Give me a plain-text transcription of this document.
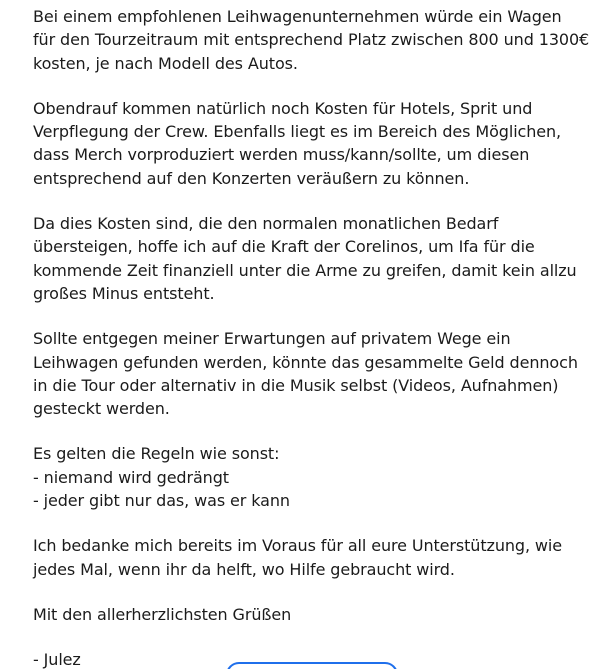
Bei einem empfohlenen Leihwagenunternehmen würde ein Wagen
für den Tourzeitraum mit entsprechend Platz zwischen 800 und 1300€
kosten, je nach Modell des Autos.

Obendrauf kommen natürlich noch Kosten für Hotels, Sprit und
Verpflegung der Crew. Ebenfalls liegt es im Bereich des Möglichen,
dass Merch vorproduziert werden muss/kann/sollte, um diesen
entsprechend auf den Konzerten veräußern zu können.

Da dies Kosten sind, die den normalen monatlichen Bedarf
übersteigen, hoffe ich auf die Kraft der Corelinos, um Ifa für die
kommende Zeit finanziell unter die Arme zu greifen, damit kein allzu
großes Minus entsteht.

Sollte entgegen meiner Erwartungen auf privatem Wege ein
Leihwagen gefunden werden, könnte das gesammelte Geld dennoch
in die Tour oder alternativ in die Musik selbst (Videos, Aufnahmen)
gesteckt werden.

Es gelten die Regeln wie sonst:
- niemand wird gedrängt
- jeder gibt nur das, was er kann

Ich bedanke mich bereits im Voraus für all eure Unterstützung, wie
jedes Mal, wenn ihr da helft, wo Hilfe gebraucht wird.

Mit den allerherzlichsten Grüßen

- Julez
